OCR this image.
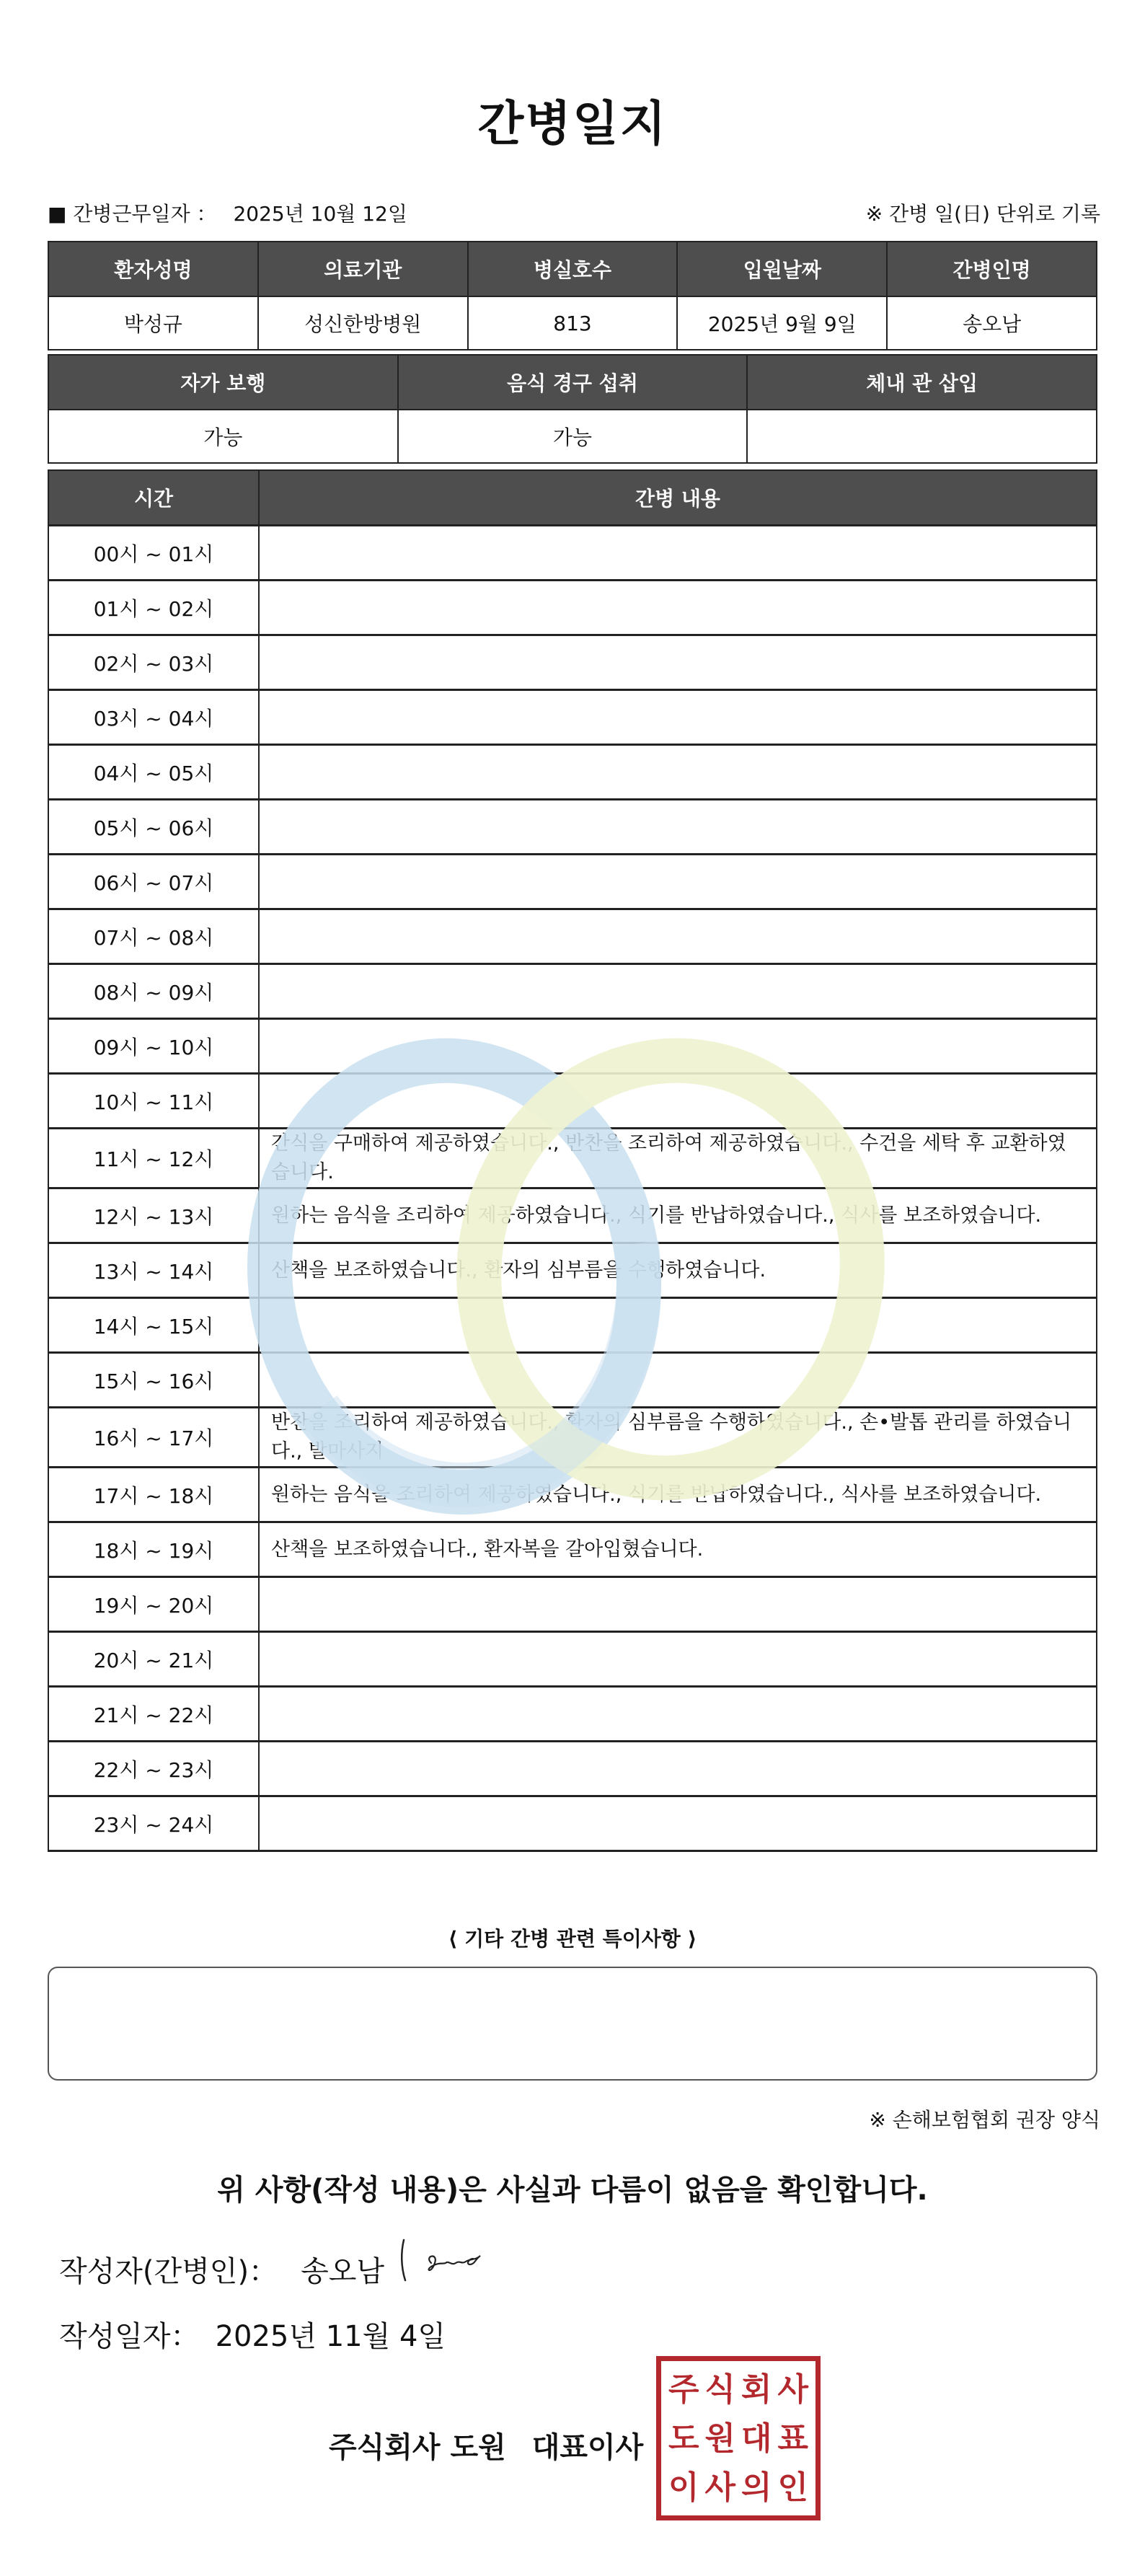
간병일지
■ 간병근무일자 ： 2025년 10월 12일	※ 간병 일(日) 단위로 기록
환자성명	의료기관	병실호수	입원날짜	간병인명
박성규	성신한방병원	813	2025년 9월 9일	송오남
자가 보행	음식 경구 섭취	체내 관 삽입
가능	가능	
시간	간병 내용
00시 ~ 01시	
01시 ~ 02시	
02시 ~ 03시	
03시 ~ 04시	
04시 ~ 05시	
05시 ~ 06시	
06시 ~ 07시	
07시 ~ 08시	
08시 ~ 09시	
09시 ~ 10시	
10시 ~ 11시	
11시 ~ 12시	간식을 구매하여 제공하였습니다., 반찬을 조리하여 제공하였습니다., 수건을 세탁 후 교환하였습니다.
12시 ~ 13시	원하는 음식을 조리하여 제공하였습니다., 식기를 반납하였습니다., 식사를 보조하였습니다.
13시 ~ 14시	산책을 보조하였습니다., 환자의 심부름을 수행하였습니다.
14시 ~ 15시	
15시 ~ 16시	
16시 ~ 17시	반찬을 조리하여 제공하였습니다., 환자의 심부름을 수행하였습니다., 손•발톱 관리를 하였습니다., 발마사지
17시 ~ 18시	원하는 음식을 조리하여 제공하였습니다., 식기를 반납하였습니다., 식사를 보조하였습니다.
18시 ~ 19시	산책을 보조하였습니다., 환자복을 갈아입혔습니다.
19시 ~ 20시	
20시 ~ 21시	
21시 ~ 22시	
22시 ~ 23시	
23시 ~ 24시	
⟨ 기타 간병 관련 특이사항 ⟩
※ 손해보험협회 권장 양식
위 사항(작성 내용)은 사실과 다름이 없음을 확인합니다.
작성자(간병인)： 송오남
작성일자： 2025년 11월 4일
주식회사 도원 대표이사
주 식 회 사
도 원 대 표
이 사 의 인
